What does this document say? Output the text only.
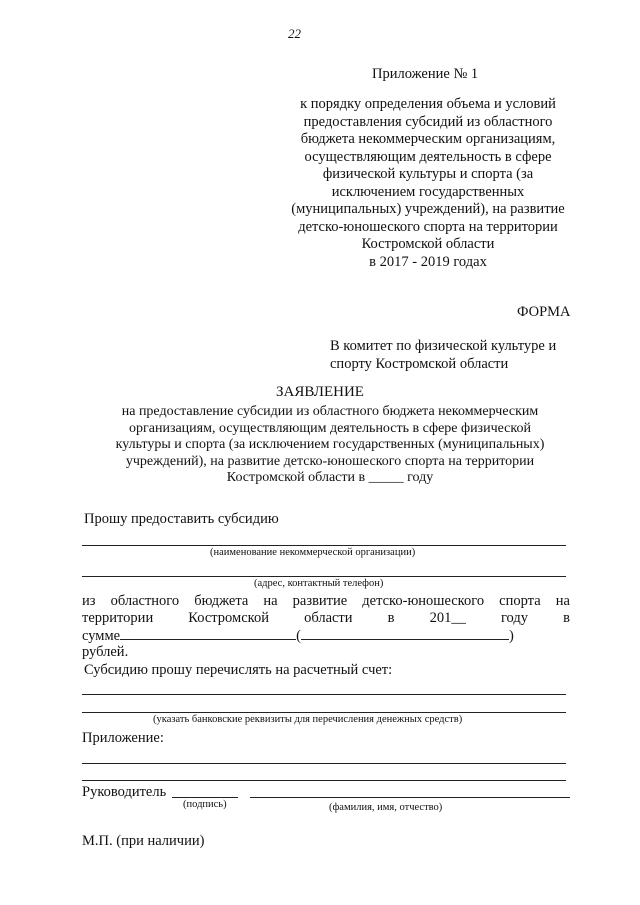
22
Приложение № 1
к порядку определения объема и условий
предоставления субсидий из областного
бюджета некоммерческим организациям,
осуществляющим деятельность в сфере
физической культуры и спорта (за
исключением государственных
(муниципальных) учреждений), на развитие
детско-юношеского спорта на территории
Костромской области
в 2017 - 2019 годах
ФОРМА
В комитет по физической культуре и
спорту Костромской области
ЗАЯВЛЕНИЕ
на предоставление субсидии из областного бюджета некоммерческим
организациям, осуществляющим деятельность в сфере физической
культуры и спорта (за исключением государственных (муниципальных)
учреждений), на развитие детско-юношеского спорта на территории
Костромской области в _____ году
Прошу предоставить субсидию
(наименование некоммерческой организации)
(адрес, контактный телефон)
из областного бюджета на развитие детско-юношеского спорта на
территории Костромской области в 201__ году в
сумме	(	)
рублей.
Субсидию прошу перечислять на расчетный счет:
(указать банковские реквизиты для перечисления денежных средств)
Приложение:
Руководитель
(подпись)	(фамилия, имя, отчество)
М.П. (при наличии)
